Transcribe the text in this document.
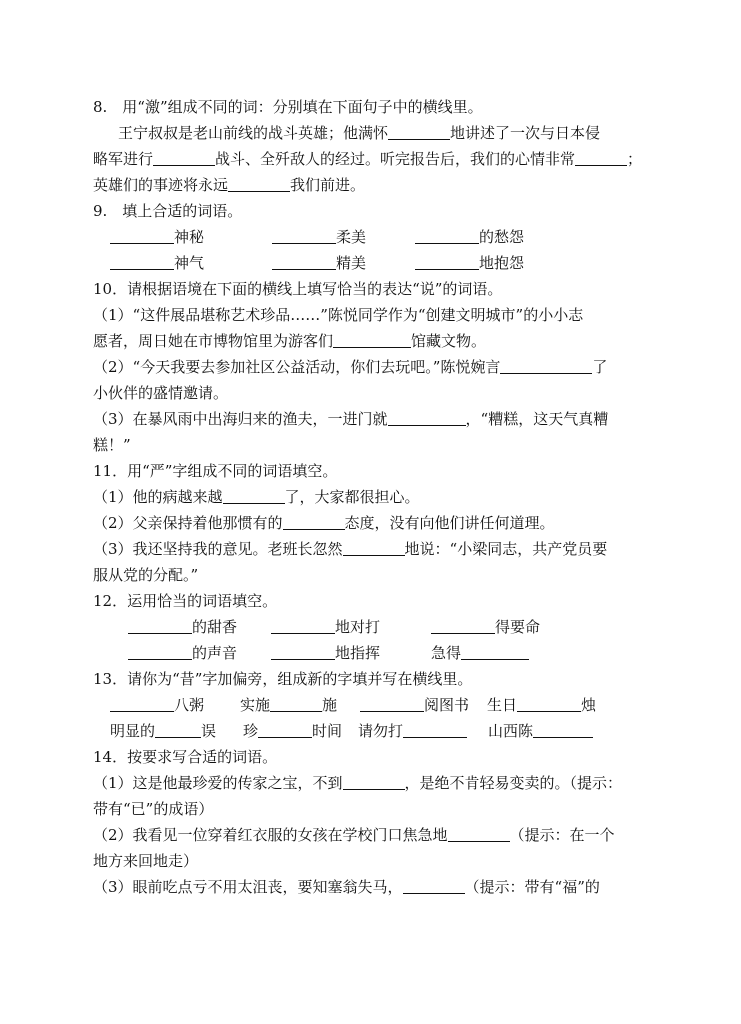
8.　用“激”组成不同的词：分别填在下面句子中的横线里。
王宁叔叔是老山前线的战斗英雄；他满怀	地讲述了一次与日本侵
略军进行	战斗、全歼敌人的经过。听完报告后，我们的心情非常	；
英雄们的事迹将永远	我们前进。
9.　填上合适的词语。
神秘	柔美	的愁怨
神气	精美	地抱怨
10．请根据语境在下面的横线上填写恰当的表达“说”的词语。
（1）“这件展品堪称艺术珍品……”陈悦同学作为“创建文明城市”的小小志
愿者，周日她在市博物馆里为游客们	馆藏文物。
（2）“今天我要去参加社区公益活动，你们去玩吧。”陈悦婉言	了
小伙伴的盛情邀请。
（3）在暴风雨中出海归来的渔夫，一进门就	，“糟糕，这天气真糟
糕！”
11．用“严”字组成不同的词语填空。
（1）他的病越来越	了，大家都很担心。
（2）父亲保持着他那惯有的	态度，没有向他们讲任何道理。
（3）我还坚持我的意见。老班长忽然	地说：“小梁同志，共产党员要
服从党的分配。”
12．运用恰当的词语填空。
的甜香	地对打	得要命
的声音	地指挥	急得
13．请你为“昔”字加偏旁，组成新的字填并写在横线里。
八粥 实施	施	阅图书 生日	烛
明显的	误 珍	时间 请勿打	山西陈
14．按要求写合适的词语。
（1）这是他最珍爱的传家之宝，不到	，是绝不肯轻易变卖的。（提示：
带有“已”的成语）
（2）我看见一位穿着红衣服的女孩在学校门口焦急地	（提示：在一个
地方来回地走）
（3）眼前吃点亏不用太沮丧，要知塞翁失马，	（提示：带有“福”的
